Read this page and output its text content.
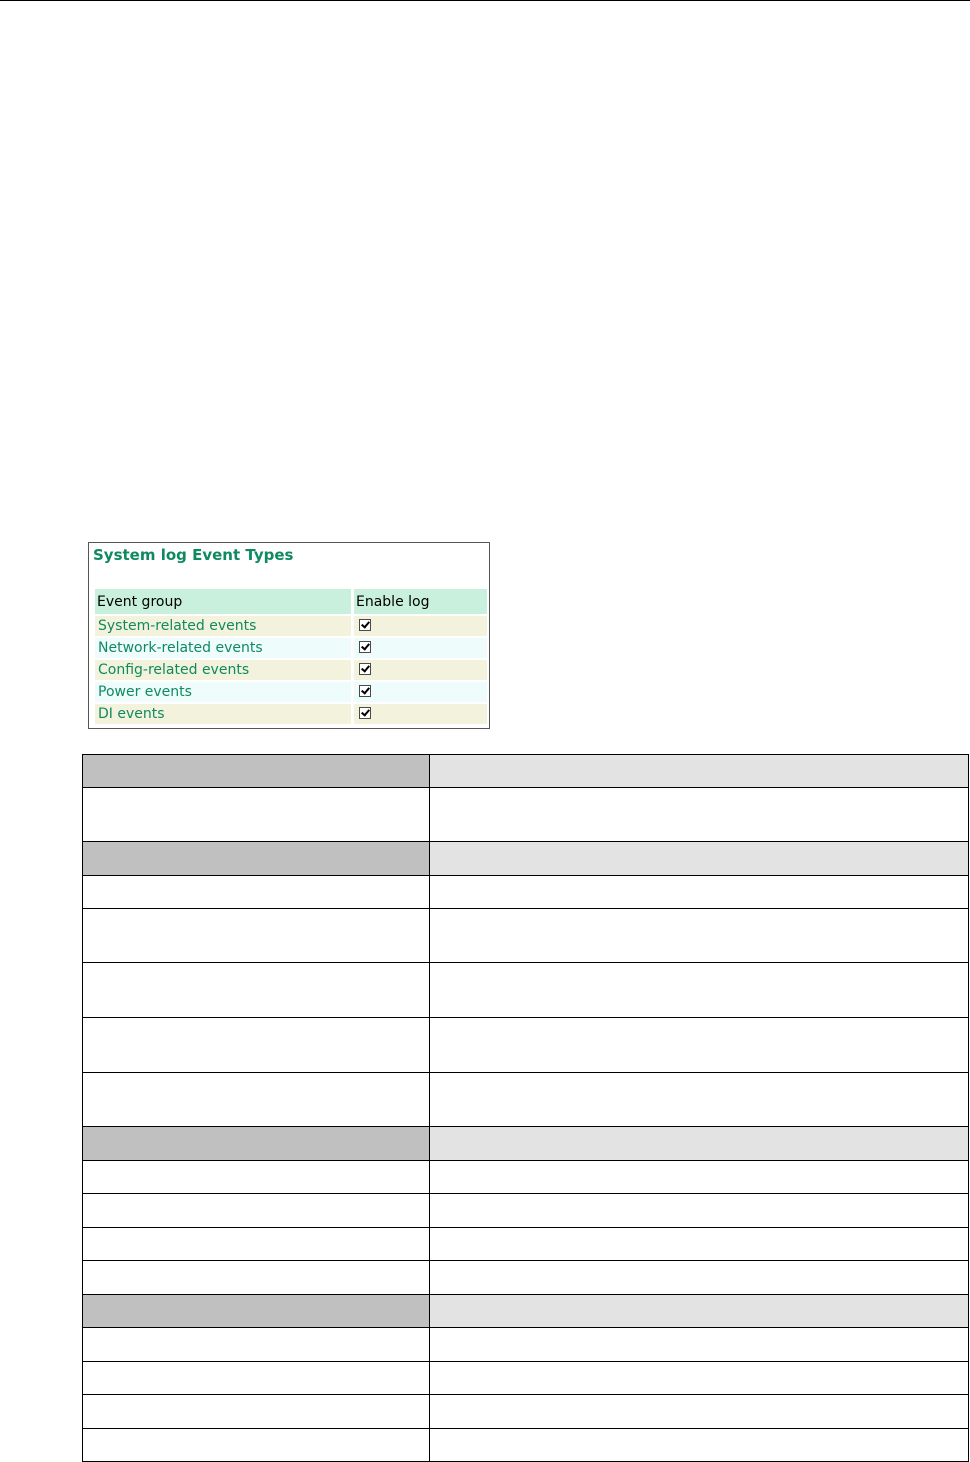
System log Event Types
Event group	Enable log
System-related events	
Network-related events	
Config-related events	
Power events	
DI events	
